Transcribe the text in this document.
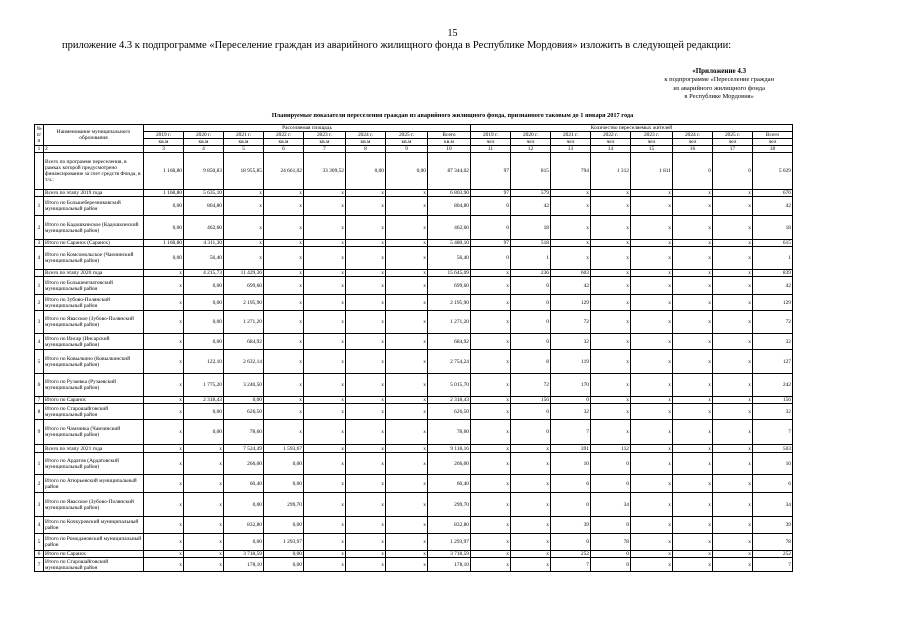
15
приложение 4.3 к подпрограмме «Переселение граждан из аварийного жилищного фонда в Республике Мордовия» изложить в следующей редакции:
«Приложение 4.3
к подпрограмме «Переселение граждан
из аварийного жилищного фонда
в Республике Мордовия»
Планируемые показатели переселения граждан из аварийного жилищного фонда, признанного таковым до 1 января 2017 года
№ п/п	Наименование муниципального образования	Расселяемая площадь								Количество переселяемых жителей							
		2019 г.	2020 г.	2021 г.	2022 г.	2023 г.	2024 г.	2025 г.	Всего	2019 г.	2020 г.	2021 г.	2022 г.	2023 г.	2024 г.	2025 г.	Всего
		кв.м	кв.м	кв.м	кв.м	кв.м	кв.м	кв.м	кв.м	чел	чел	чел	чел	чел	чел	чел	чел
1	2	3	4	5	6	7	8	9	10	11	12	13	14	15	16	17	18
	Всего по программе переселения, в рамках которой предусмотрено финансирование за счет средств Фонда, в т.ч.:	1 168,80	9 850,83	18 955,85	24 661,02	33 309,52	0,00	0,00	87 344,02	97	815	794	1 312	1 811	0	0	5 029
	Всего по этапу 2019 года	1 168,80	5 635,10	x	x	x	x	x	6 803,90	97	579	x	x	x	x	x	676
1	Итого по Большеберезниковский муниципальный район	0,00	804,80	x	x	x	x	x	804,80	0	42	x	x	x	x	x	42
2	Итого по Кадошкинское (Кадошкинский муниципальный район)	0,00	462,60	x	x	x	x	x	462,60	0	18	x	x	x	x	x	18
3	Итого по Саранск (Саранск)	1 168,80	4 311,30	x	x	x	x	x	5 480,10	97	518	x	x	x	x	x	615
4	Итого по Комсомольское (Чамзинский муниципальный район)	0,00	56,40	x	x	x	x	x	56,40	0	1	x	x	x	x	x	1
	Всего по этапу 2020 года	x	4 215,73	11 429,36	x	x	x	x	15 645,09	x	236	603	x	x	x	x	839
1	Итого по Большеигнатовский муниципальный район	x	0,00	699,60	x	x	x	x	699,60	x	0	42	x	x	x	x	42
2	Итого по Зубово-Полянский муниципальный район	x	0,00	2 195,90	x	x	x	x	2 195,90	x	0	129	x	x	x	x	129
3	Итого по Явасское (Зубово-Полянский муниципальный район)	x	0,00	1 271,20	x	x	x	x	1 271,20	x	0	72	x	x	x	x	72
4	Итого по Инсар (Инсарский муниципальный район)	x	0,00	684,92	x	x	x	x	684,92	x	0	32	x	x	x	x	32
5	Итого по Ковылкино (Ковылкинский муниципальный район)	x	122,10	2 632,14	x	x	x	x	2 754,24	x	8	119	x	x	x	x	127
6	Итого по Рузаевка (Рузаевский муниципальный район)	x	1 775,20	3 240,50	x	x	x	x	5 015,70	x	72	170	x	x	x	x	242
7	Итого по Саранск	x	2 318,43	0,00	x	x	x	x	2 318,43	x	156	0	x	x	x	x	156
8	Итого по Старошайговский муниципальный район	x	0,00	626,50	x	x	x	x	626,50	x	0	32	x	x	x	x	32
9	Итого по Чамзинка (Чамзинский муниципальный район)	x	0,00	78,60	x	x	x	x	78,60	x	0	7	x	x	x	x	7
	Всего по этапу 2021 года	x	x	7 524,49	1 593,67	x	x	x	9 118,16	x	x	391	112	x	x	x	503
1	Итого по Ардатов (Ардатовский муниципальный район)	x	x	266,00	0,00	x	x	x	266,00	x	x	10	0	x	x	x	10
2	Итого по Атюрьевский муниципальный район	x	x	60,40	0,00	x	x	x	60,40	x	x	6	0	x	x	x	6
3	Итого по Явасское (Зубово-Полянский муниципальный район)	x	x	0,00	299,70	x	x	x	299,70	x	x	0	34	x	x	x	34
4	Итого по Кочкуровский муниципальный район	x	x	832,80	0,00	x	x	x	832,80	x	x	39	0	x	x	x	39
5	Итого по Ромодановский муниципальный район	x	x	0,00	1 293,97	x	x	x	1 293,97	x	x	0	78	x	x	x	78
6	Итого по Саранск	x	x	3 718,59	0,00	x	x	x	3 718,59	x	x	252	0	x	x	x	252
7	Итого по Старошайговский муниципальный район	x	x	178,10	0,00	x	x	x	178,10	x	x	7	0	x	x	x	7
